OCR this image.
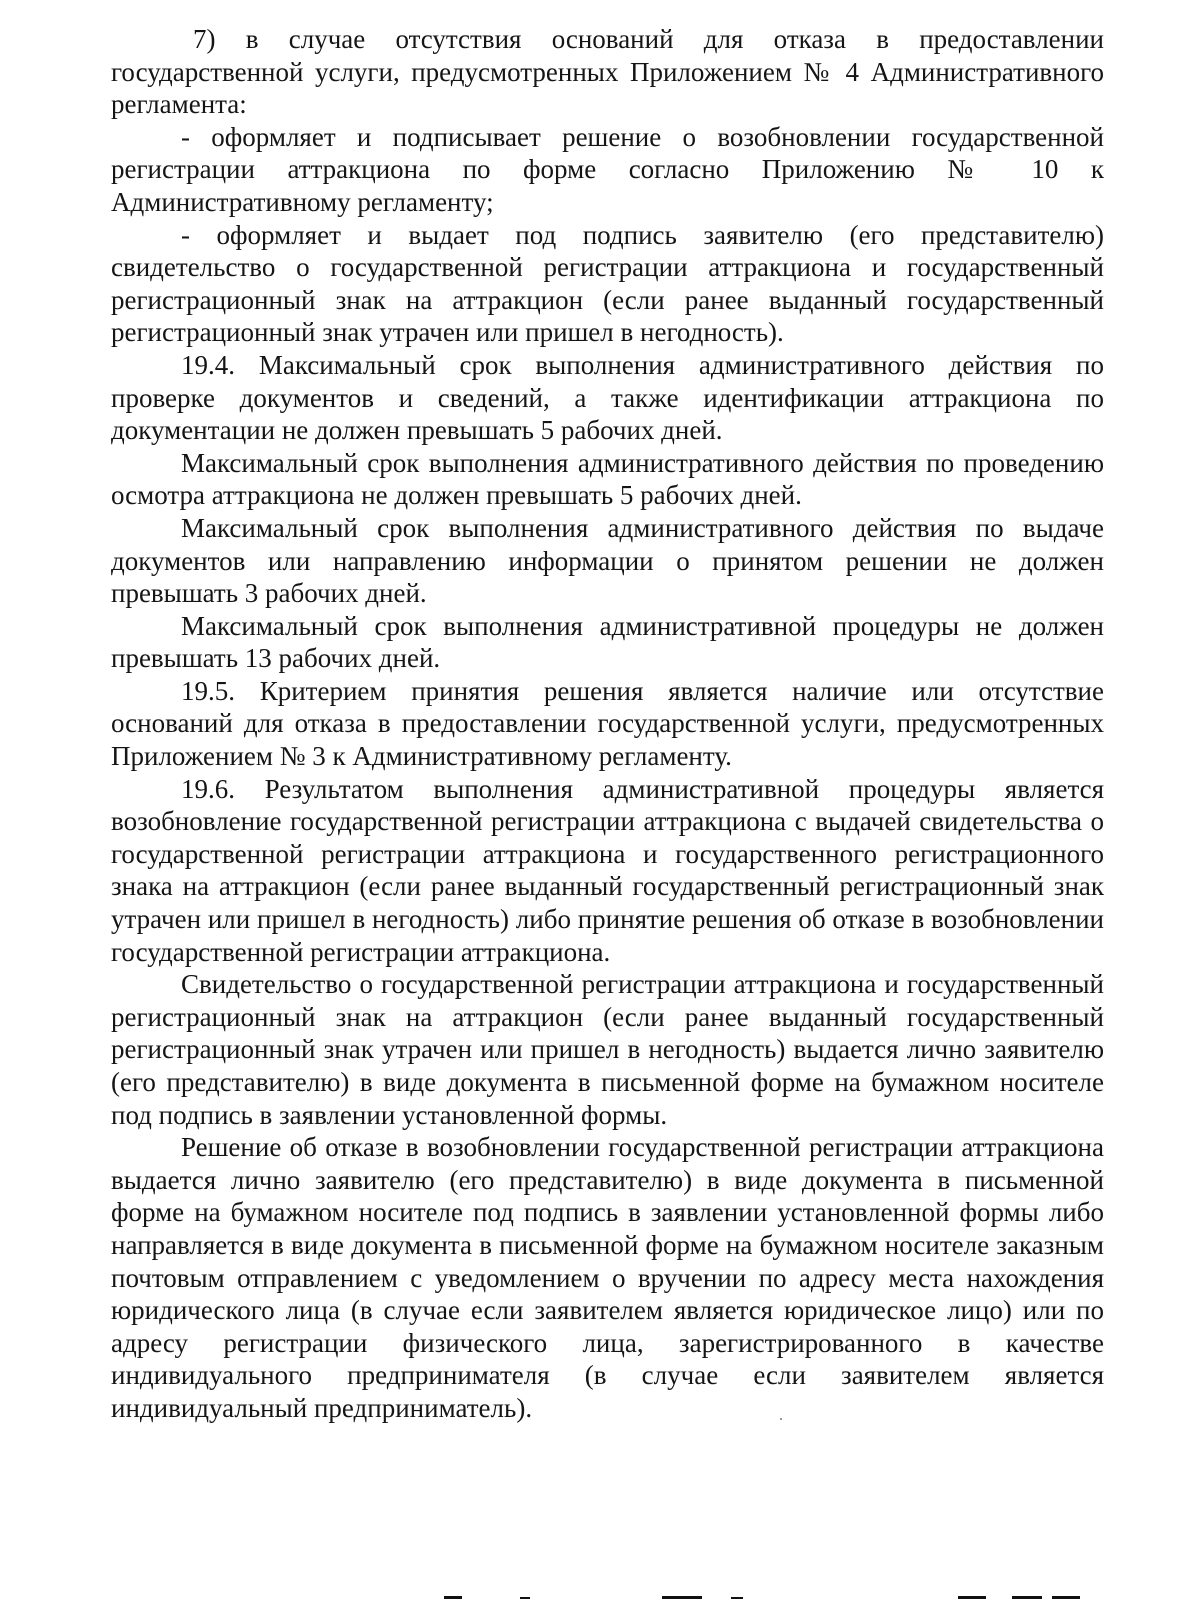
7) в случае отсутствия оснований для отказа в предоставлении государственной услуги, предусмотренных Приложением № 4 Административного регламента:

- оформляет и подписывает решение о возобновлении государственной регистрации аттракциона по форме согласно Приложению № 10 к Административному регламенту;

- оформляет и выдает под подпись заявителю (его представителю) свидетельство о государственной регистрации аттракциона и государственный регистрационный знак на аттракцион (если ранее выданный государственный регистрационный знак утрачен или пришел в негодность).

19.4. Максимальный срок выполнения административного действия по проверке документов и сведений, а также идентификации аттракциона по документации не должен превышать 5 рабочих дней.

Максимальный срок выполнения административного действия по проведению осмотра аттракциона не должен превышать 5 рабочих дней.

Максимальный срок выполнения административного действия по выдаче документов или направлению информации о принятом решении не должен превышать 3 рабочих дней.

Максимальный срок выполнения административной процедуры не должен превышать 13 рабочих дней.

19.5. Критерием принятия решения является наличие или отсутствие оснований для отказа в предоставлении государственной услуги, предусмотренных Приложением № 3 к Административному регламенту.

19.6. Результатом выполнения административной процедуры является возобновление государственной регистрации аттракциона с выдачей свидетельства о государственной регистрации аттракциона и государственного регистрационного знака на аттракцион (если ранее выданный государственный регистрационный знак утрачен или пришел в негодность) либо принятие решения об отказе в возобновлении государственной регистрации аттракциона.

Свидетельство о государственной регистрации аттракциона и государственный регистрационный знак на аттракцион (если ранее выданный государственный регистрационный знак утрачен или пришел в негодность) выдается лично заявителю (его представителю) в виде документа в письменной форме на бумажном носителе под подпись в заявлении установленной формы.

Решение об отказе в возобновлении государственной регистрации аттракциона выдается лично заявителю (его представителю) в виде документа в письменной форме на бумажном носителе под подпись в заявлении установленной формы либо направляется в виде документа в письменной форме на бумажном носителе заказным почтовым отправлением с уведомлением о вручении по адресу места нахождения юридического лица (в случае если заявителем является юридическое лицо) или по адресу регистрации физического лица, зарегистрированного в качестве индивидуального предпринимателя (в случае если заявителем является индивидуальный предприниматель).
